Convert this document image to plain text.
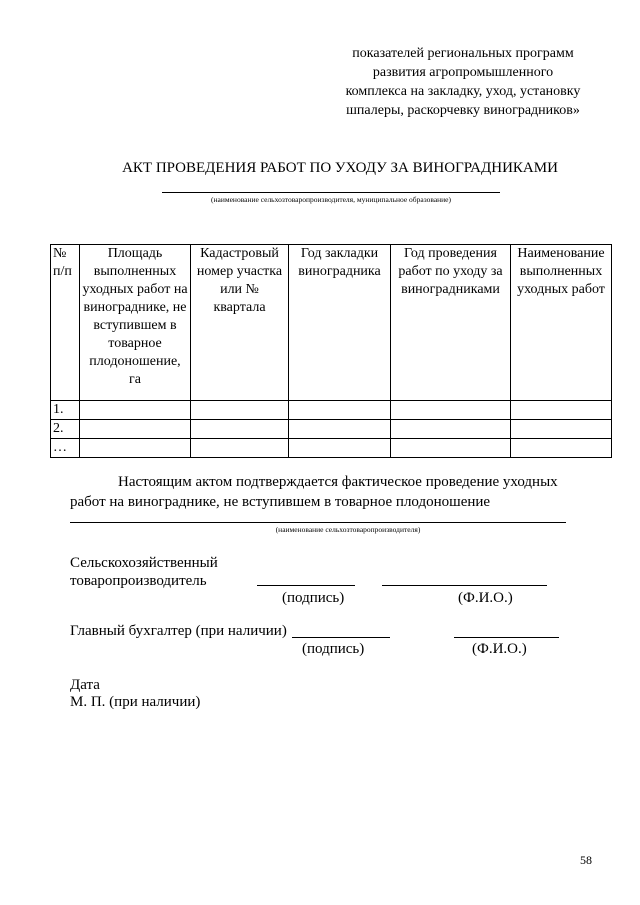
показателей региональных программ
развития агропромышленного
комплекса на закладку, уход, установку
шпалеры, раскорчевку виноградников»
АКТ ПРОВЕДЕНИЯ РАБОТ ПО УХОДУ ЗА ВИНОГРАДНИКАМИ
(наименование сельхозтоваропроизводителя, муниципальное образование)
№ п/п	Площадь выполненных уходных работ на винограднике, не вступившем в товарное плодоношение, га	Кадастровый номер участка или № квартала	Год закладки виноградника	Год проведения работ по уходу за виноградниками	Наименование выполненных уходных работ
1.					
2.					
…					
Настоящим актом подтверждается фактическое проведение уходных работ на винограднике, не вступившем в товарное плодоношение
(наименование сельхозтоваропроизводителя)
Сельскохозяйственный
товаропроизводитель
(подпись)	(Ф.И.О.)
Главный бухгалтер (при наличии)
(подпись)	(Ф.И.О.)
Дата
М. П. (при наличии)
58
